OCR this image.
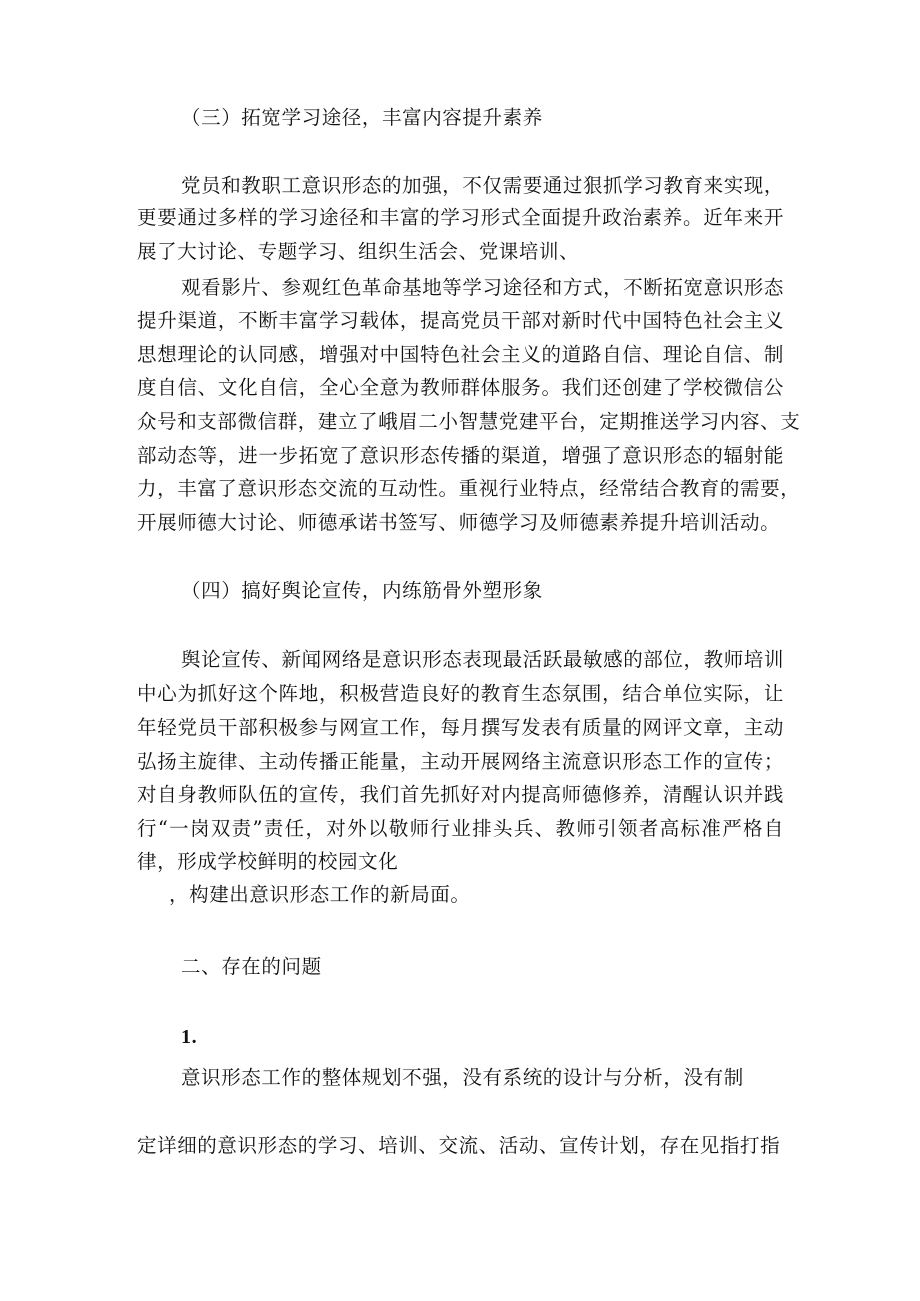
（三）拓宽学习途径，丰富内容提升素养

党员和教职工意识形态的加强，不仅需要通过狠抓学习教育来实现，

更要通过多样的学习途径和丰富的学习形式全面提升政治素养。近年来开

展了大讨论、专题学习、组织生活会、党课培训、

观看影片、参观红色革命基地等学习途径和方式，不断拓宽意识形态

提升渠道，不断丰富学习载体，提高党员干部对新时代中国特色社会主义

思想理论的认同感，增强对中国特色社会主义的道路自信、理论自信、制

度自信、文化自信，全心全意为教师群体服务。我们还创建了学校微信公

众号和支部微信群，建立了峨眉二小智慧党建平台，定期推送学习内容、支

部动态等，进一步拓宽了意识形态传播的渠道，增强了意识形态的辐射能

力，丰富了意识形态交流的互动性。重视行业特点，经常结合教育的需要，

开展师德大讨论、师德承诺书签写、师德学习及师德素养提升培训活动。

（四）搞好舆论宣传，内练筋骨外塑形象

舆论宣传、新闻网络是意识形态表现最活跃最敏感的部位，教师培训

中心为抓好这个阵地，积极营造良好的教育生态氛围，结合单位实际，让

年轻党员干部积极参与网宣工作，每月撰写发表有质量的网评文章，主动

弘扬主旋律、主动传播正能量，主动开展网络主流意识形态工作的宣传；

对自身教师队伍的宣传，我们首先抓好对内提高师德修养，清醒认识并践

行“一岗双责”责任，对外以敬师行业排头兵、教师引领者高标准严格自

律，形成学校鲜明的校园文化

，构建出意识形态工作的新局面。

二、存在的问题

1.

意识形态工作的整体规划不强，没有系统的设计与分析，没有制

定详细的意识形态的学习、培训、交流、活动、宣传计划，存在见指打指
